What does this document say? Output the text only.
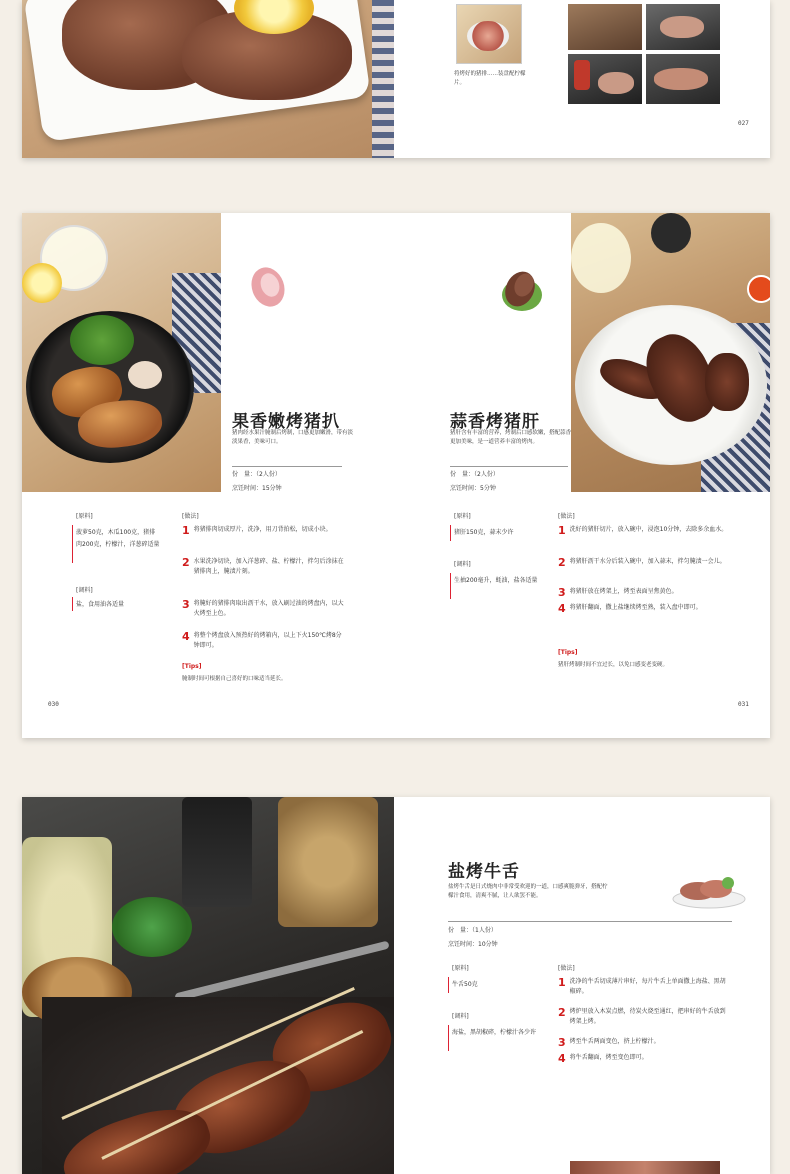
将烤好的猪排……装盘配柠檬片。
027
果香嫩烤猪扒
猪肉经水果汁腌制后烤制，口感更加嫩滑，带有淡淡果香，美味可口。
份　量：（2人份）
烹饪时间：15分钟
[原料]
菠萝50克，木瓜100克，猪排肉200克，柠檬汁，洋葱碎适量
[调料]
盐，食用油各适量
[做法]
1 将猪排肉切成厚片，洗净，用刀背拍松，切成小块。
2 水果洗净切块，加入洋葱碎、盐、柠檬汁，拌匀后涂抹在猪排肉上，腌渍片刻。
3 将腌好的猪排肉取出沥干水，放入刷过油的烤盘内，以大火烤至上色。
4 将整个烤盘放入预热好的烤箱内，以上下火150℃烤8分钟即可。
[Tips]
腌制时间可根据自己喜好的口味适当延长。
030
蒜香烤猪肝
猪肝含有丰富的营养，烤制后口感软嫩，搭配蒜香更加美味，是一道营养丰富的烤肉。
份　量：（2人份）
烹饪时间：5分钟
[原料]
猪肝150克，蒜末少许
[调料]
生抽200毫升，蚝油，盐各适量
[做法]
1 洗好的猪肝切片，放入碗中，浸泡10分钟，去除多余血水。
2 将猪肝沥干水分后装入碗中，加入蒜末，拌匀腌渍一会儿。
3 将猪肝放在烤架上，烤至表面呈焦黄色。
4 将猪肝翻面，撒上盐继续烤至熟，装入盘中即可。
[Tips]
猪肝烤制时间不宜过长，以免口感变老变硬。
031
盐烤牛舌
盐烤牛舌是日式烧肉中非常受欢迎的一道，口感爽脆弹牙，搭配柠檬汁食用，清爽不腻，让人欲罢不能。
份　量：（1人份）
烹饪时间：10分钟
[原料]
牛舌50克
[调料]
海盐，黑胡椒碎，柠檬汁各少许
[做法]
1 洗净的牛舌切成薄片串好，每片牛舌上单面撒上海盐、黑胡椒碎。
2 烤炉里放入木炭点燃，待炭火烧至通红，把串好的牛舌放到烤架上烤。
3 烤至牛舌两面变色，挤上柠檬汁。
4 将牛舌翻面，烤至变色即可。
